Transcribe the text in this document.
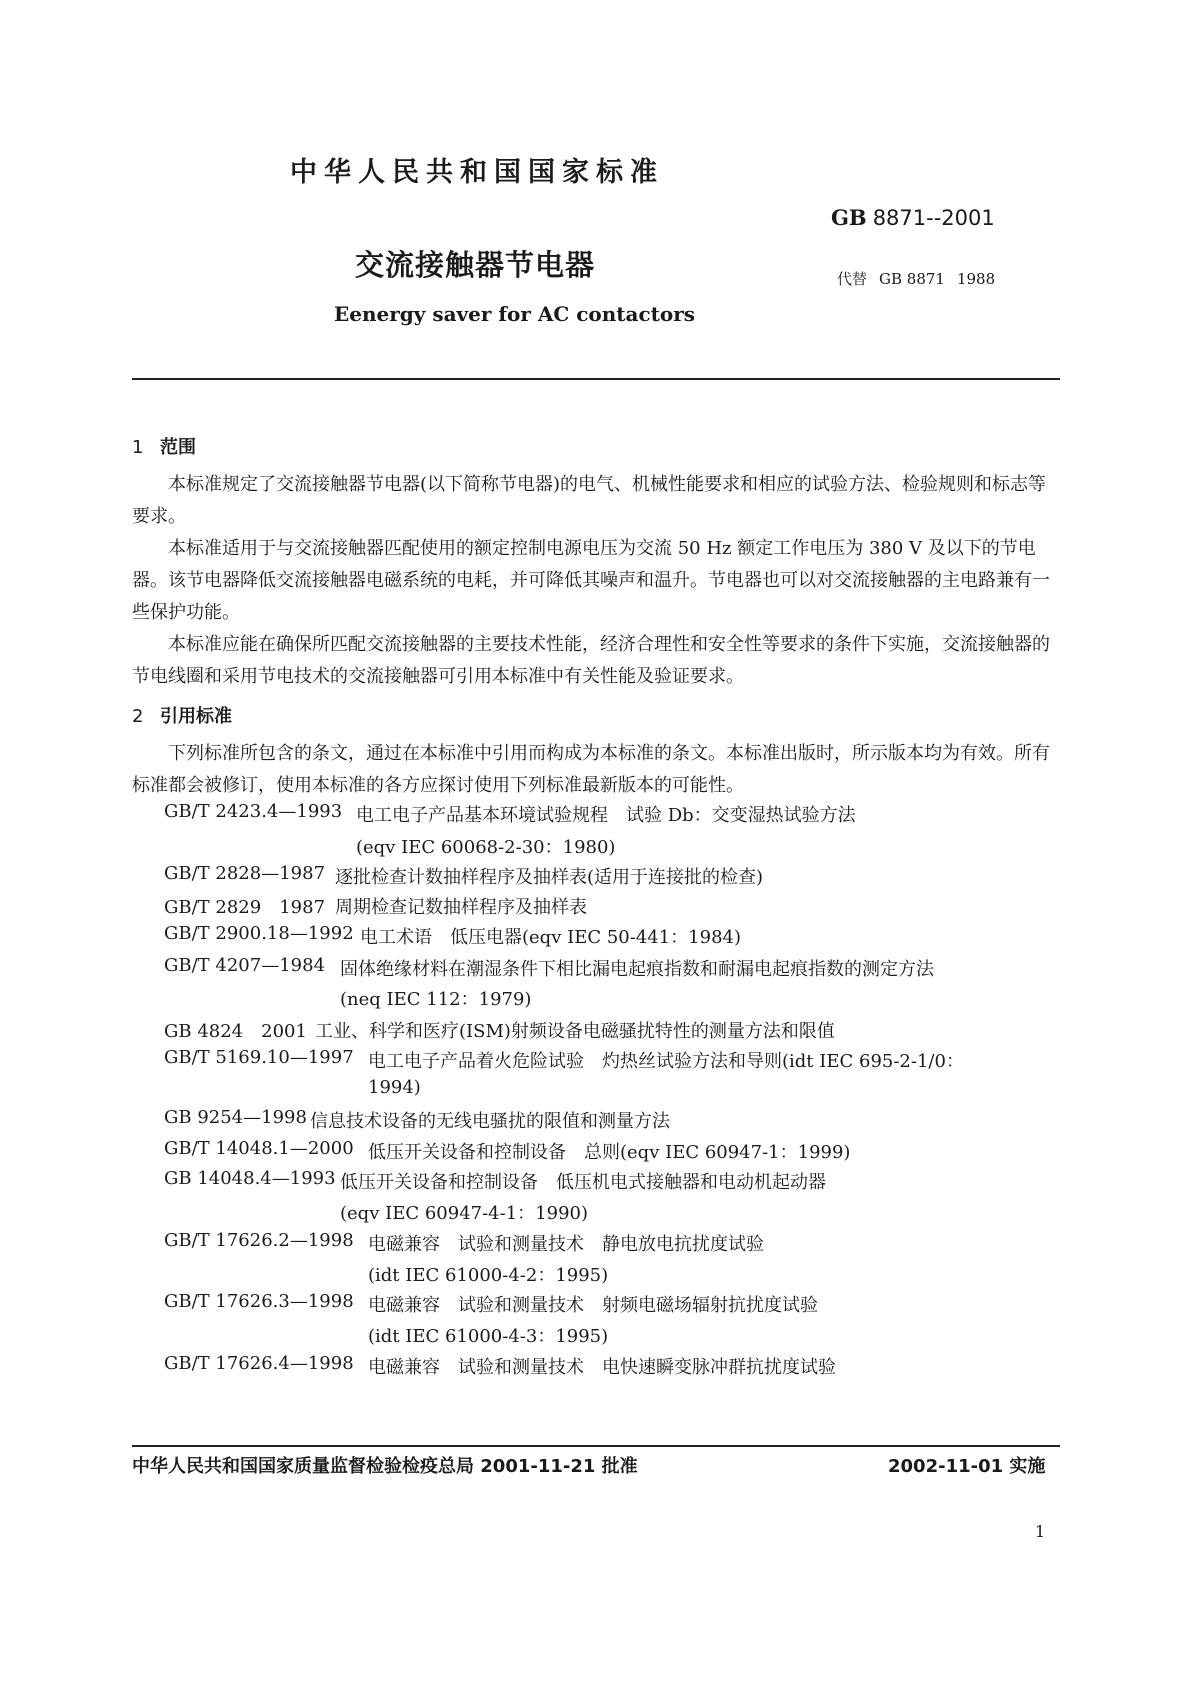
中华人民共和国国家标准
GB 8871--2001
交流接触器节电器	代替 GB 8871 1988
Eenergy saver for AC contactors
1 范围
本标准规定了交流接触器节电器(以下简称节电器)的电气、机械性能要求和相应的试验方法、检验规则和标志等要求。
本标准适用于与交流接触器匹配使用的额定控制电源电压为交流 50 Hz 额定工作电压为 380 V 及以下的节电器。该节电器降低交流接触器电磁系统的电耗，并可降低其噪声和温升。节电器也可以对交流接触器的主电路兼有一些保护功能。
本标准应能在确保所匹配交流接触器的主要技术性能，经济合理性和安全性等要求的条件下实施，交流接触器的节电线圈和采用节电技术的交流接触器可引用本标准中有关性能及验证要求。
2 引用标准
下列标准所包含的条文，通过在本标准中引用而构成为本标准的条文。本标准出版时，所示版本均为有效。所有标准都会被修订，使用本标准的各方应探讨使用下列标准最新版本的可能性。
GB/T 2423.4—1993 电工电子产品基本环境试验规程　试验 Db：交变湿热试验方法
(eqv IEC 60068-2-30：1980)
GB/T 2828—1987 逐批检查计数抽样程序及抽样表(适用于连接批的检查)
GB/T 2829　1987 周期检查记数抽样程序及抽样表
GB/T 2900.18—1992 电工术语　低压电器(eqv IEC 50-441：1984)
GB/T 4207—1984 固体绝缘材料在潮湿条件下相比漏电起痕指数和耐漏电起痕指数的测定方法
(neq IEC 112：1979)
GB 4824　2001 工业、科学和医疗(ISM)射频设备电磁骚扰特性的测量方法和限值
GB/T 5169.10—1997 电工电子产品着火危险试验　灼热丝试验方法和导则(idt IEC 695-2-1/0：
1994)
GB 9254—1998 信息技术设备的无线电骚扰的限值和测量方法
GB/T 14048.1—2000 低压开关设备和控制设备　总则(eqv IEC 60947-1：1999)
GB 14048.4—1993 低压开关设备和控制设备　低压机电式接触器和电动机起动器
(eqv IEC 60947-4-1：1990)
GB/T 17626.2—1998 电磁兼容　试验和测量技术　静电放电抗扰度试验
(idt IEC 61000-4-2：1995)
GB/T 17626.3—1998 电磁兼容　试验和测量技术　射频电磁场辐射抗扰度试验
(idt IEC 61000-4-3：1995)
GB/T 17626.4—1998 电磁兼容　试验和测量技术　电快速瞬变脉冲群抗扰度试验
中华人民共和国国家质量监督检验检疫总局 2001-11-21 批准	2002-11-01 实施
1
